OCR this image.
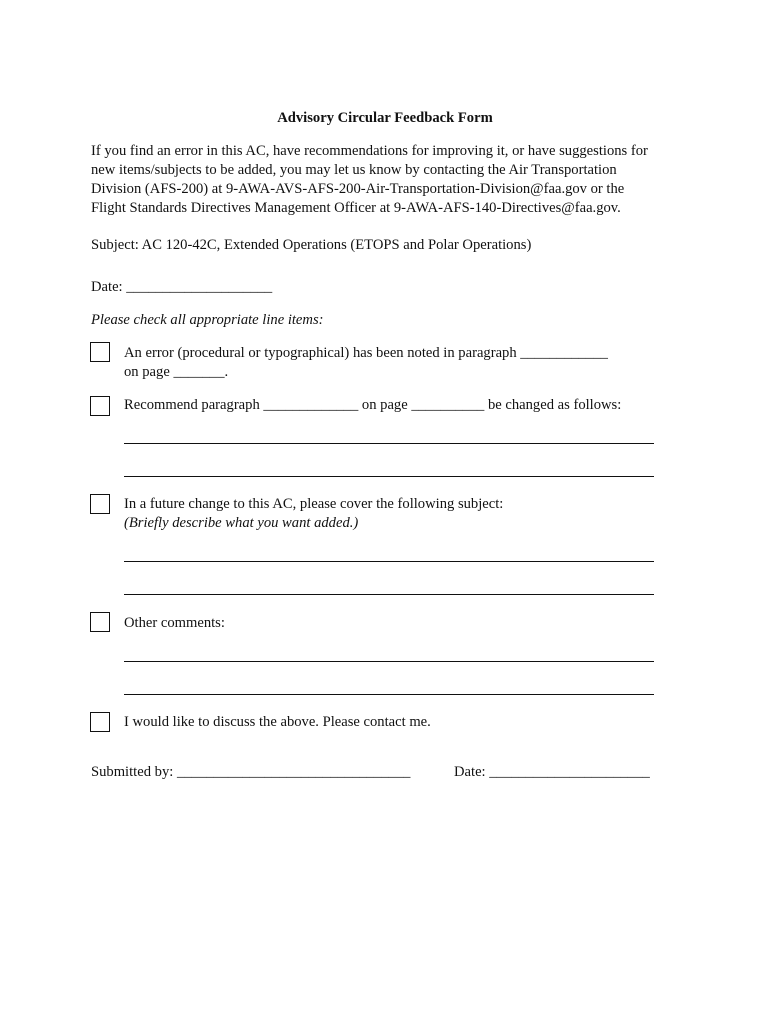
Advisory Circular Feedback Form
If you find an error in this AC, have recommendations for improving it, or have suggestions for
new items/subjects to be added, you may let us know by contacting the Air Transportation
Division (AFS-200) at 9-AWA-AVS-AFS-200-Air-Transportation-Division@faa.gov or the
Flight Standards Directives Management Officer at 9-AWA-AFS-140-Directives@faa.gov.
Subject: AC 120-42C, Extended Operations (ETOPS and Polar Operations)
Date: ____________________
Please check all appropriate line items:
An error (procedural or typographical) has been noted in paragraph ____________
on page _______.
Recommend paragraph _____________ on page __________ be changed as follows:
In a future change to this AC, please cover the following subject:
(Briefly describe what you want added.)
Other comments:
I would like to discuss the above. Please contact me.
Submitted by: ________________________________	Date: ______________________
